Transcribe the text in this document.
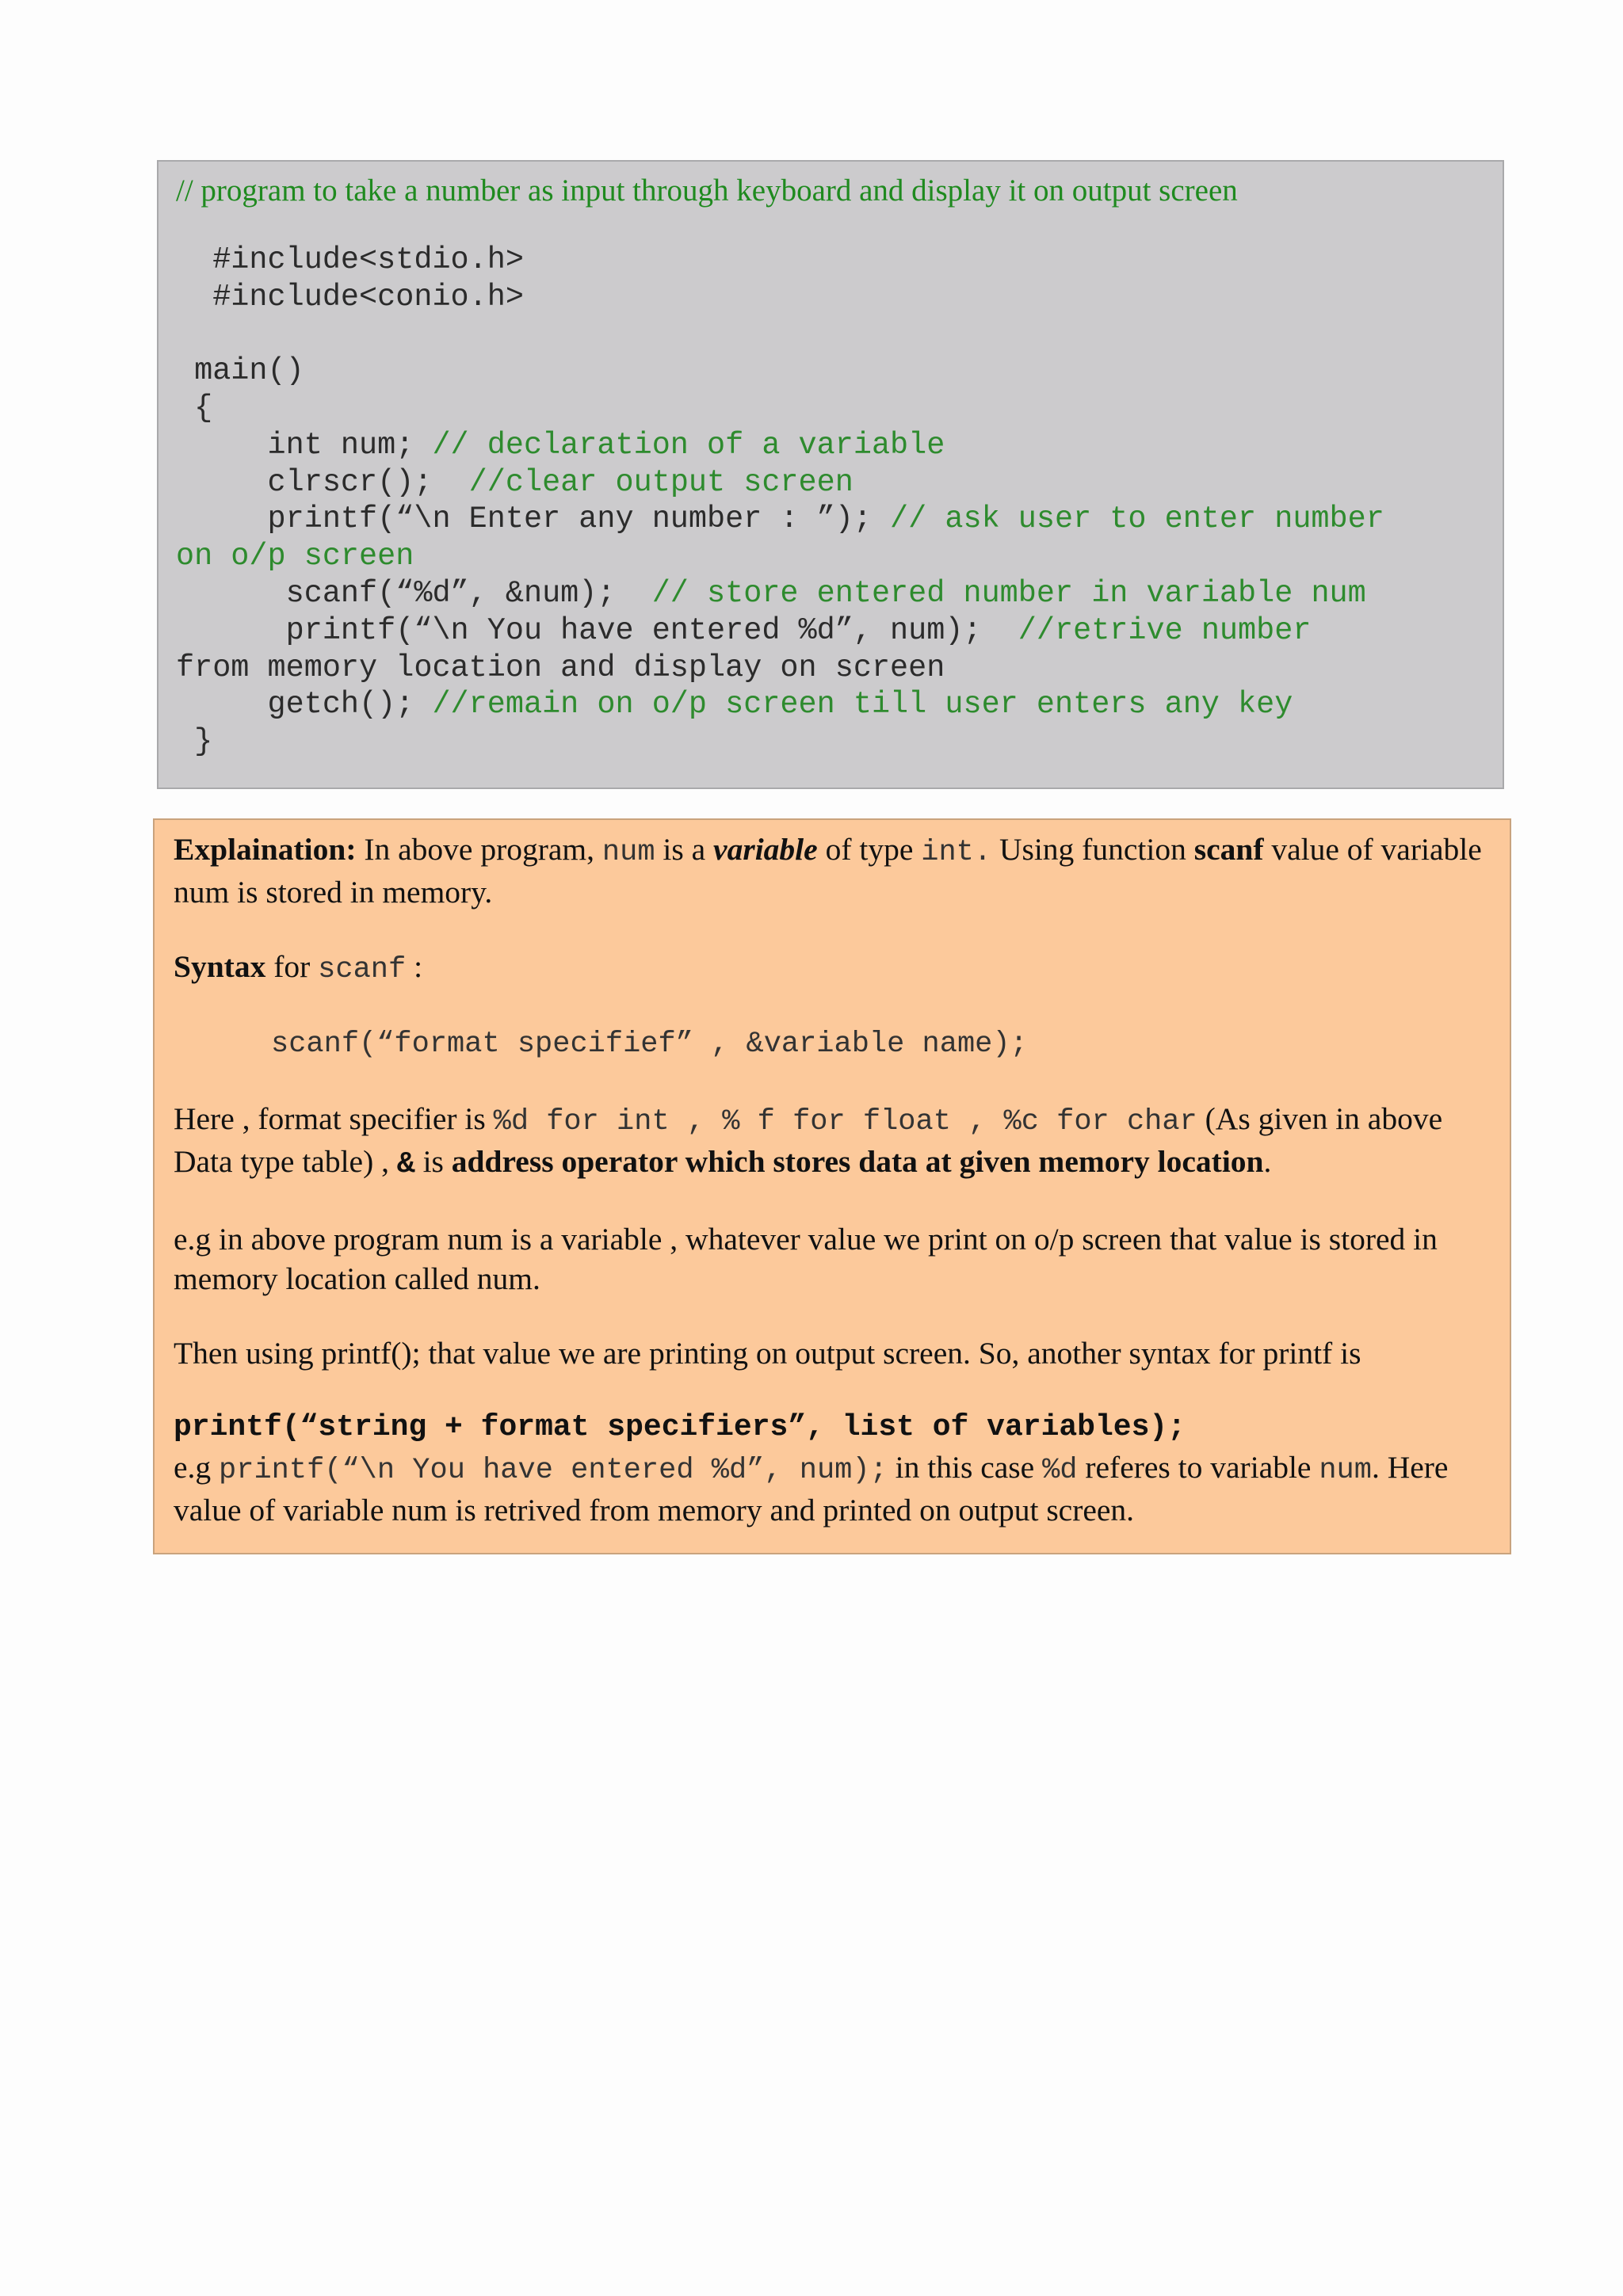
// program to take a number as input through keyboard and display it on output screen
#include<stdio.h>
#include<conio.h>
main()
{
int num; // declaration of a variable
clrscr();  //clear output screen
printf(“\n Enter any number : ”); // ask user to enter number
on o/p screen
scanf(“%d”, &num);  // store entered number in variable num
printf(“\n You have entered %d”, num);  //retrive number
from memory location and display on screen
getch(); //remain on o/p screen till user enters any key
}

Explaination: In above program, num is a variable of type int. Using function scanf value of variable num is stored in memory.

Syntax for scanf :

scanf(“format specifief” , &variable name);

Here , format specifier is %d for int , % f for float , %c for char (As given in above Data type table) , & is address operator which stores data at given memory location.

e.g in above program num is a variable , whatever value we print on o/p screen that value is stored in memory location called num.

Then using printf(); that value we are printing on output screen. So, another syntax for printf is

printf(“string + format specifiers”, list of variables);

e.g printf(“\n You have entered %d”, num); in this case %d referes to variable num. Here value of variable num is retrived from memory and printed on output screen.
